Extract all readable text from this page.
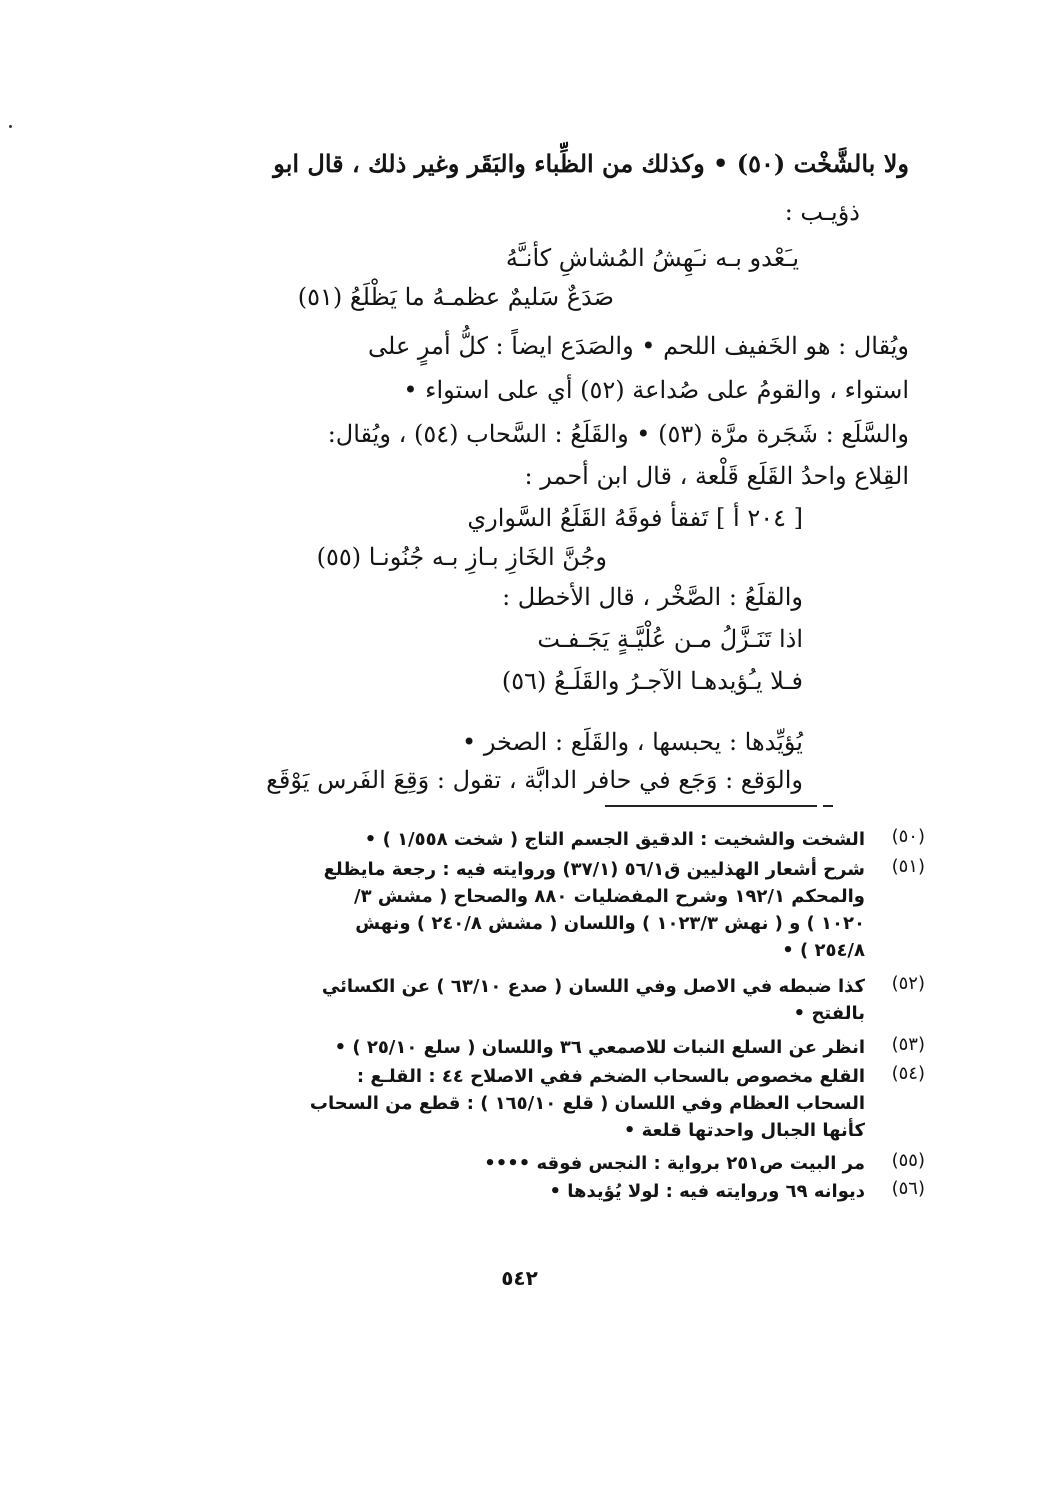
ولا بالشَّخْت (٥٠) • وكذلك من الظِّباء والبَقَر وغير ذلك ، قال ابو
ذؤيـب :
يـَعْدو بـه نـَهِشُ المُشاشِ كأنـَّهُ
صَدَعٌ سَليمٌ عظمـهُ ما يَظْلَعُ (٥١)
ويُقال : هو الخَفيف اللحم • والصَدَع ايضاً : كلُّ أمرٍ على
استواء ، والقومُ على صُداعة (٥٢) أي على استواء •
والسَّلَع : شَجَرة مرَّة (٥٣) • والقَلَعُ : السَّحاب (٥٤) ، ويُقال:
القِلاع واحدُ القَلَع قَلْعة ، قال ابن أحمر :
[ ٢٠٤ أ ] تَفقأ فوقَهُ القَلَعُ السَّواري
وجُنَّ الخَازِ بـازِ بـه جُنُونـا (٥٥)
والقلَعُ : الصَّخْر ، قال الأخطل :
اذا تَنَـزَّلُ مـن عُلْيَّـةٍ يَجَـفـت
فـلا يـُؤيدهـا الآجـرُ والقَلَـعُ (٥٦)
يُؤيِّدها : يحبسها ، والقَلَع : الصخر •
والوَقع : وَجَع في حافر الدابَّة ، تقول : وَقِعَ الفَرس يَوْقَع
(٥٠)
الشخت والشخيت : الدقيق الجسم التاج ( شخت ١/٥٥٨ ) •
(٥١)
شرح أشعار الهذليين ق٥٦/١ (٣٧/١) وروايته فيه : رجعة مايظلع
والمحكم ١٩٢/١ وشرح المفضليات ٨٨٠ والصحاح ( مشش ٣/
١٠٢٠ ) و ( نهش ١٠٢٣/٣ ) واللسان ( مشش ٢٤٠/٨ ) ونهش
٢٥٤/٨ ) •
(٥٢)
كذا ضبطه في الاصل وفي اللسان ( صدع ٦٣/١٠ ) عن الكسائي
بالفتح •
(٥٣)
انظر عن السلع النبات للاصمعي ٣٦ واللسان ( سلع ٢٥/١٠ ) •
(٥٤)
القلع مخصوص بالسحاب الضخم ففي الاصلاح ٤٤ : القلـع :
السحاب العظام وفي اللسان ( قلع ١٦٥/١٠ ) : قطع من السحاب
كأنها الجبال واحدتها قلعة •
(٥٥)
مر البيت ص٢٥١ برواية : النجس فوقه ••••
(٥٦)
ديوانه ٦٩ وروايته فيه : لولا يُؤيدها •
٥٤٢
